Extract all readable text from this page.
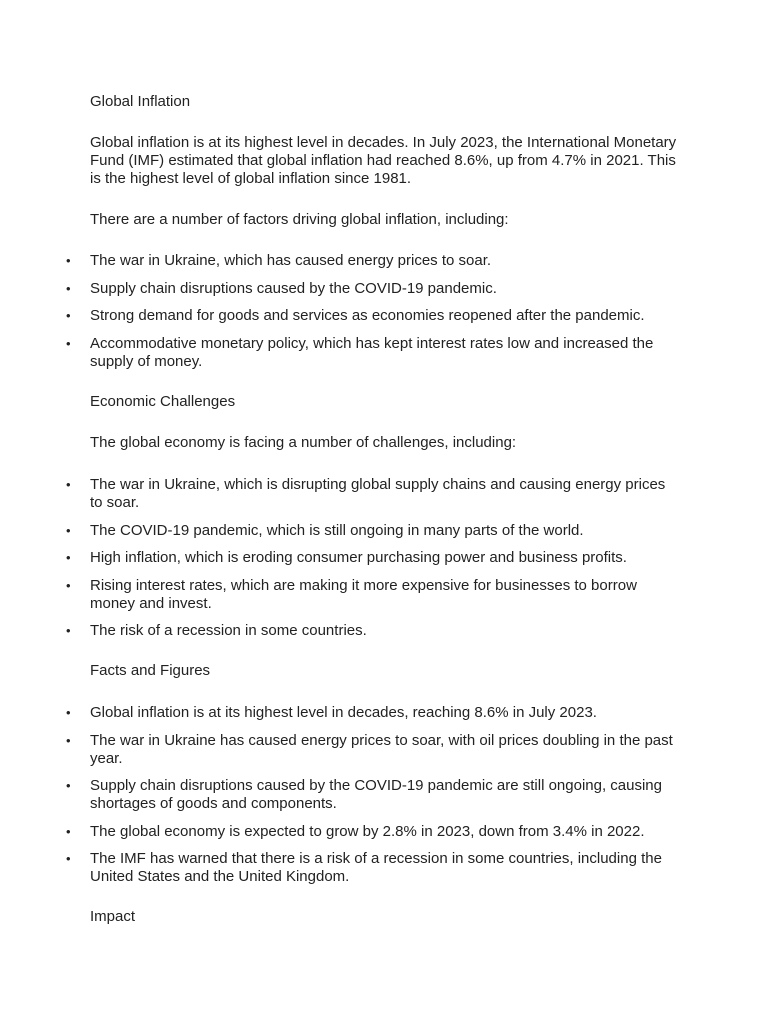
Global Inflation

Global inflation is at its highest level in decades. In July 2023, the International Monetary Fund (IMF) estimated that global inflation had reached 8.6%, up from 4.7% in 2021. This is the highest level of global inflation since 1981.

There are a number of factors driving global inflation, including:

• The war in Ukraine, which has caused energy prices to soar.
• Supply chain disruptions caused by the COVID-19 pandemic.
• Strong demand for goods and services as economies reopened after the pandemic.
• Accommodative monetary policy, which has kept interest rates low and increased the supply of money.

Economic Challenges

The global economy is facing a number of challenges, including:

• The war in Ukraine, which is disrupting global supply chains and causing energy prices to soar.
• The COVID-19 pandemic, which is still ongoing in many parts of the world.
• High inflation, which is eroding consumer purchasing power and business profits.
• Rising interest rates, which are making it more expensive for businesses to borrow money and invest.
• The risk of a recession in some countries.

Facts and Figures

• Global inflation is at its highest level in decades, reaching 8.6% in July 2023.
• The war in Ukraine has caused energy prices to soar, with oil prices doubling in the past year.
• Supply chain disruptions caused by the COVID-19 pandemic are still ongoing, causing shortages of goods and components.
• The global economy is expected to grow by 2.8% in 2023, down from 3.4% in 2022.
• The IMF has warned that there is a risk of a recession in some countries, including the United States and the United Kingdom.

Impact
